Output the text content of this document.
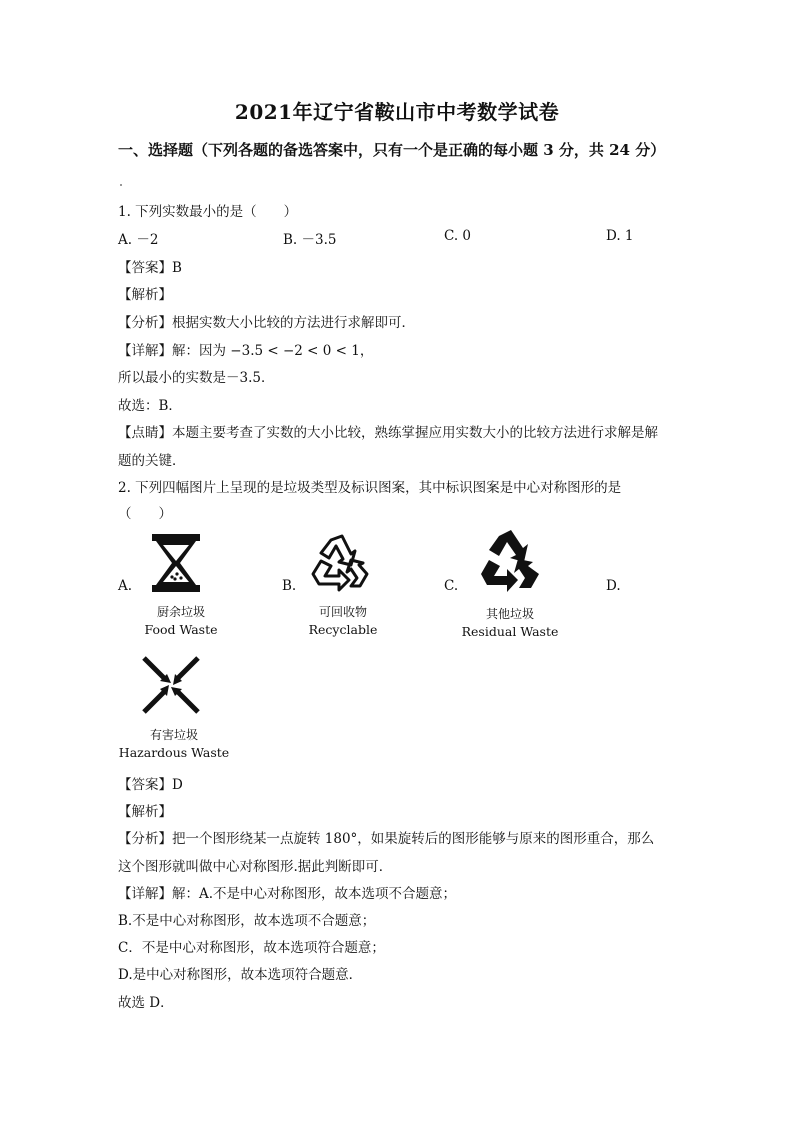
2021年辽宁省鞍山市中考数学试卷
一、选择题（下列各题的备选答案中，只有一个是正确的每小题 3 分，共 24 分）
1. 下列实数最小的是（　　）
A. －2	B. －3.5	C. 0	D. 1
【答案】B
【解析】
【分析】根据实数大小比较的方法进行求解即可．
【详解】解：因为 −3.5 < −2 < 0 < 1，
所以最小的实数是－3.5．
故选：B．
【点睛】本题主要考查了实数的大小比较，熟练掌握应用实数大小的比较方法进行求解是解
题的关键．
2. 下列四幅图片上呈现的是垃圾类型及标识图案，其中标识图案是中心对称图形的是
（　　）
A.	B.	C.	D.
厨余垃圾
Food Waste
可回收物
Recyclable
其他垃圾
Residual Waste
有害垃圾
Hazardous Waste
【答案】D
【解析】
【分析】把一个图形绕某一点旋转 180°，如果旋转后的图形能够与原来的图形重合，那么
这个图形就叫做中心对称图形.据此判断即可．
【详解】解：A.不是中心对称图形，故本选项不合题意；
B.不是中心对称图形，故本选项不合题意；
C．不是中心对称图形，故本选项符合题意；
D.是中心对称图形，故本选项符合题意．
故选 D．
